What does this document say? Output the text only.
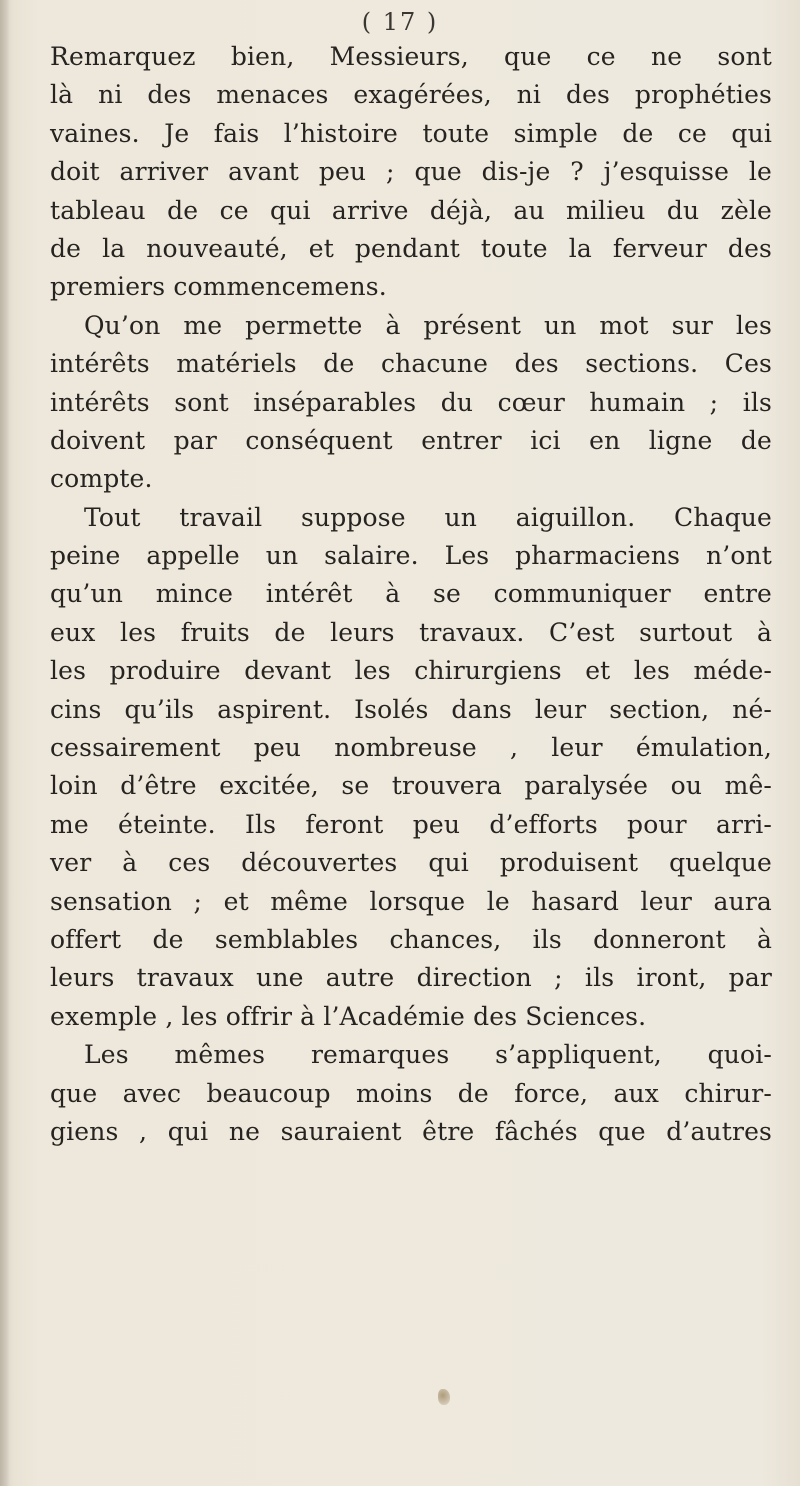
( 17 )
Remarquez bien, Messieurs, que ce ne sont
là ni des menaces exagérées, ni des prophéties
vaines. Je fais l’histoire toute simple de ce qui
doit arriver avant peu ; que dis-je ? j’esquisse le
tableau de ce qui arrive déjà, au milieu du zèle
de la nouveauté, et pendant toute la ferveur des
premiers commencemens.
Qu’on me permette à présent un mot sur les
intérêts matériels de chacune des sections. Ces
intérêts sont inséparables du cœur humain ; ils
doivent par conséquent entrer ici en ligne de
compte.
Tout travail suppose un aiguillon. Chaque
peine appelle un salaire. Les pharmaciens n’ont
qu’un mince intérêt à se communiquer entre
eux les fruits de leurs travaux. C’est surtout à
les produire devant les chirurgiens et les méde-
cins qu’ils aspirent. Isolés dans leur section, né-
cessairement peu nombreuse , leur émulation,
loin d’être excitée, se trouvera paralysée ou mê-
me éteinte. Ils feront peu d’efforts pour arri-
ver à ces découvertes qui produisent quelque
sensation ; et même lorsque le hasard leur aura
offert de semblables chances, ils donneront à
leurs travaux une autre direction ; ils iront, par
exemple , les offrir à l’Académie des Sciences.
Les mêmes remarques s’appliquent, quoi-
que avec beaucoup moins de force, aux chirur-
giens , qui ne sauraient être fâchés que d’autres
